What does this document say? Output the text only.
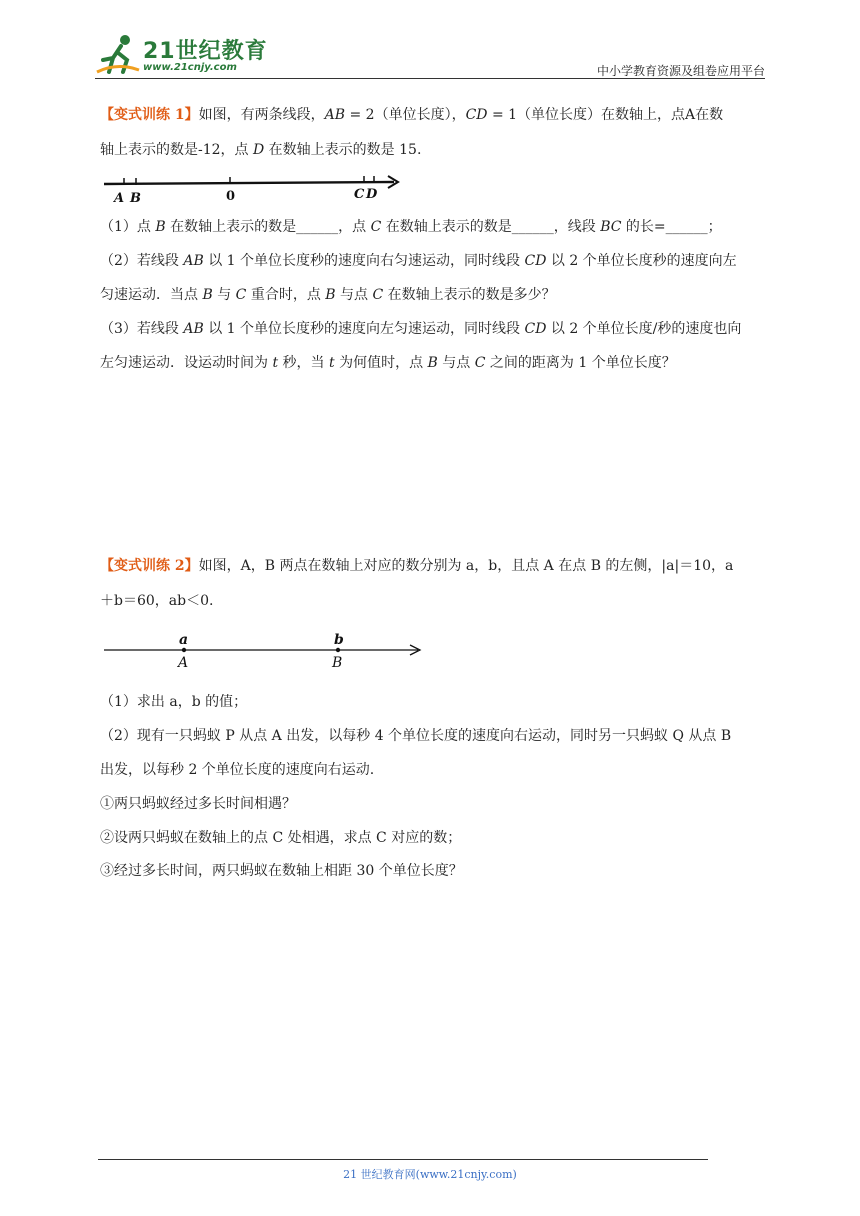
21世纪教育
www.21cnjy.com	中小学教育资源及组卷应用平台
【变式训练 1】如图，有两条线段，AB = 2（单位长度），CD = 1（单位长度）在数轴上，点A在数
轴上表示的数是-12，点 D 在数轴上表示的数是 15.
A B	0	C D
（1）点 B 在数轴上表示的数是______，点 C 在数轴上表示的数是______，线段 BC 的长=______；
（2）若线段 AB 以 1 个单位长度秒的速度向右匀速运动，同时线段 CD 以 2 个单位长度秒的速度向左
匀速运动．当点 B 与 C 重合时，点 B 与点 C 在数轴上表示的数是多少？
（3）若线段 AB 以 1 个单位长度秒的速度向左匀速运动，同时线段 CD 以 2 个单位长度/秒的速度也向
左匀速运动．设运动时间为 t 秒，当 t 为何值时，点 B 与点 C 之间的距离为 1 个单位长度？
【变式训练 2】如图，A，B 两点在数轴上对应的数分别为 a，b，且点 A 在点 B 的左侧，|a|＝10，a
＋b＝60，ab＜0.
a	b
A	B
（1）求出 a，b 的值；
（2）现有一只蚂蚁 P 从点 A 出发，以每秒 4 个单位长度的速度向右运动，同时另一只蚂蚁 Q 从点 B
出发，以每秒 2 个单位长度的速度向右运动.
①两只蚂蚁经过多长时间相遇？
②设两只蚂蚁在数轴上的点 C 处相遇，求点 C 对应的数；
③经过多长时间，两只蚂蚁在数轴上相距 30 个单位长度？
21 世纪教育网(www.21cnjy.com)
